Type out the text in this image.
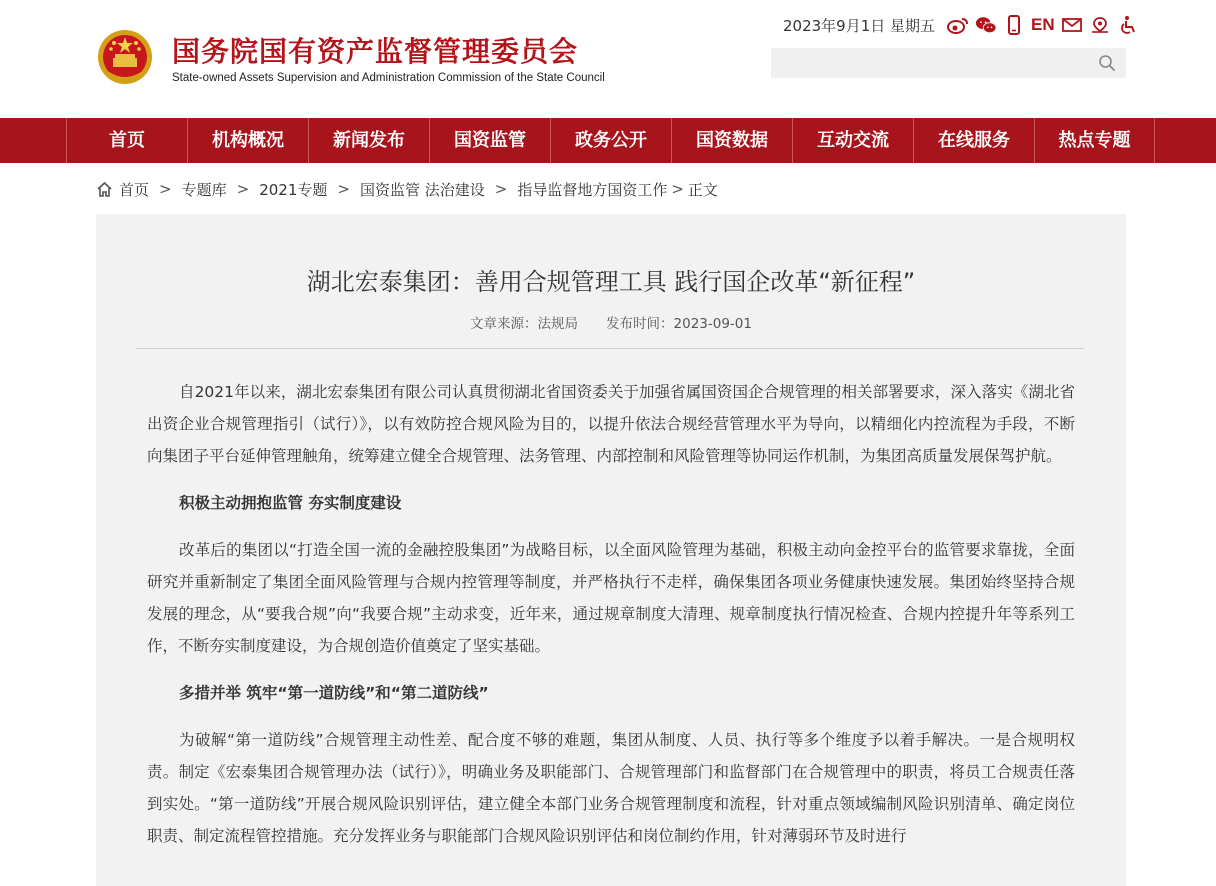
国务院国有资产监督管理委员会
State-owned Assets Supervision and Administration Commission of the State Council
2023年9月1日 星期五	EN
首页	机构概况	新闻发布	国资监管	政务公开	国资数据	互动交流	在线服务	热点专题
首页 > 专题库 > 2021专题 > 国资监管 法治建设 > 指导监督地方国资工作 > 正文
湖北宏泰集团：善用合规管理工具 践行国企改革“新征程”
文章来源：法规局 发布时间：2023-09-01

自2021年以来，湖北宏泰集团有限公司认真贯彻湖北省国资委关于加强省属国资国企合规管理的相关部署要求，深入落实《湖北省出资企业合规管理指引（试行）》，以有效防控合规风险为目的，以提升依法合规经营管理水平为导向，以精细化内控流程为手段，不断向集团子平台延伸管理触角，统筹建立健全合规管理、法务管理、内部控制和风险管理等协同运作机制，为集团高质量发展保驾护航。

积极主动拥抱监管 夯实制度建设

改革后的集团以“打造全国一流的金融控股集团”为战略目标，以全面风险管理为基础，积极主动向金控平台的监管要求靠拢，全面研究并重新制定了集团全面风险管理与合规内控管理等制度，并严格执行不走样，确保集团各项业务健康快速发展。集团始终坚持合规发展的理念，从“要我合规”向“我要合规”主动求变，近年来，通过规章制度大清理、规章制度执行情况检查、合规内控提升年等系列工作，不断夯实制度建设，为合规创造价值奠定了坚实基础。

多措并举 筑牢“第一道防线”和“第二道防线”

为破解“第一道防线”合规管理主动性差、配合度不够的难题，集团从制度、人员、执行等多个维度予以着手解决。一是合规明权责。制定《宏泰集团合规管理办法（试行）》，明确业务及职能部门、合规管理部门和监督部门在合规管理中的职责，将员工合规责任落到实处。“第一道防线”开展合规风险识别评估，建立健全本部门业务合规管理制度和流程，针对重点领域编制风险识别清单、确定岗位职责、制定流程管控措施。充分发挥业务与职能部门合规风险识别评估和岗位制约作用，针对薄弱环节及时进行
